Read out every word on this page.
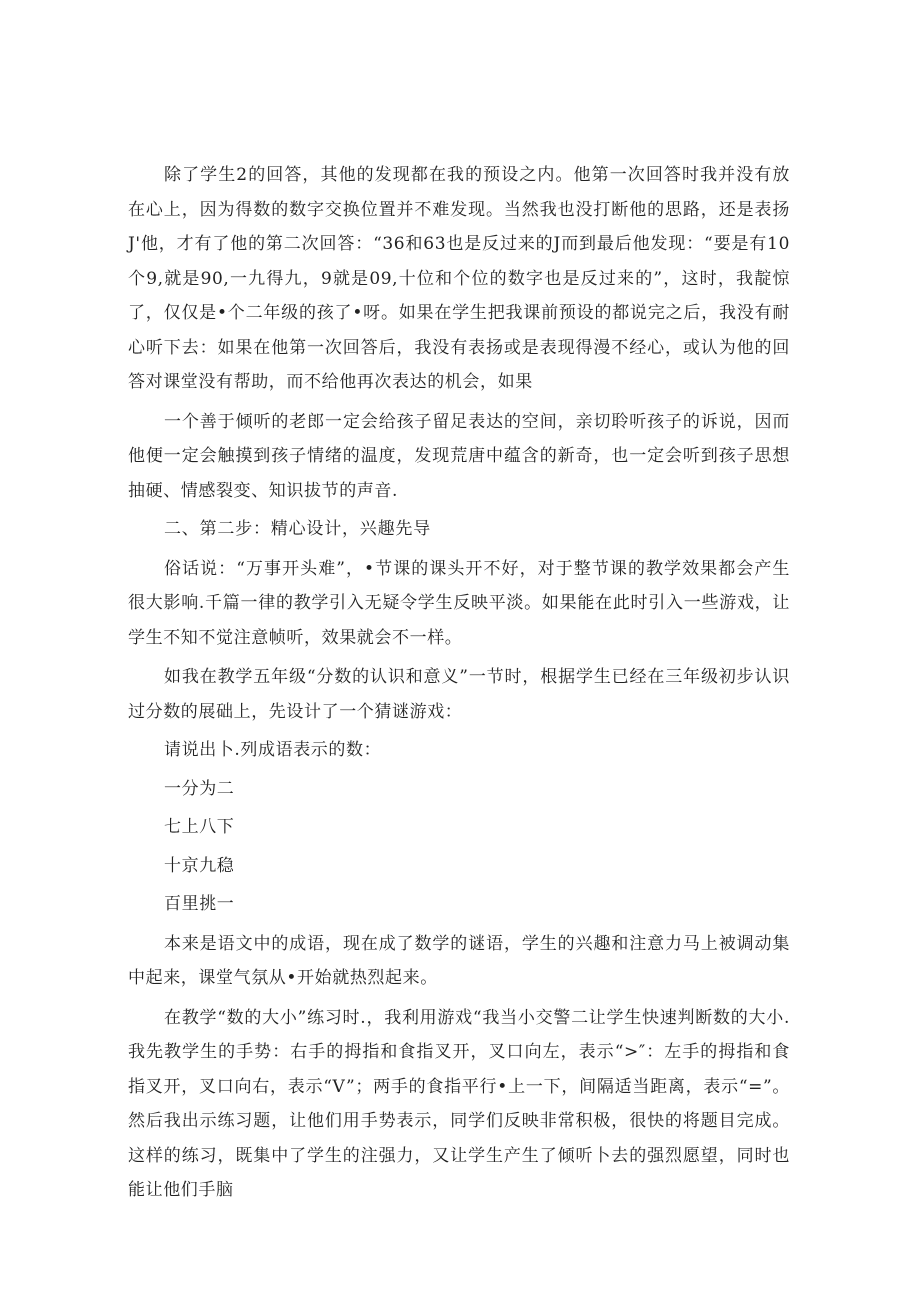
除了学生2的回答，其他的发现都在我的预设之内。他第一次回答时我并没有放在心上，因为得数的数字交换位置并不难发现。当然我也没打断他的思路，还是表扬J'他，才有了他的第二次回答：“36和63也是反过来的J而到最后他发现：“要是有10个9,就是90,一九得九，9就是09,十位和个位的数字也是反过来的”，这时，我靛惊了，仅仅是•个二年级的孩了•呀。如果在学生把我课前预设的都说完之后，我没有耐心听下去：如果在他第一次回答后，我没有表扬或是表现得漫不经心，或认为他的回答对课堂没有帮助，而不给他再次表达的机会，如果

一个善于倾听的老郎一定会给孩子留足表达的空间，亲切聆听孩子的诉说，因而他便一定会触摸到孩子情绪的温度，发现荒唐中蕴含的新奇，也一定会听到孩子思想抽硬、情感裂变、知识拔节的声音.

二、第二步：精心设计，兴趣先导

俗话说：“万事开头难”，•节课的课头开不好，对于整节课的教学效果都会产生很大影响.千篇一律的教学引入无疑令学生反映平淡。如果能在此时引入一些游戏，让学生不知不觉注意帧听，效果就会不一样。

如我在教学五年级“分数的认识和意义”一节时，根据学生已经在三年级初步认识过分数的展础上，先设计了一个猜谜游戏：

请说出卜.列成语表示的数：

一分为二

七上八下

十京九稳

百里挑一

本来是语文中的成语，现在成了数学的谜语，学生的兴趣和注意力马上被调动集中起来，课堂气氛从•开始就热烈起来。

在教学“数的大小”练习时.，我利用游戏“我当小交警二让学生快速判断数的大小.我先教学生的手势：右手的拇指和食指叉开，叉口向左，表示“>″：左手的拇指和食指叉开，叉口向右，表示“V”；两手的食指平行•上一下，间隔适当距离，表示“=”。然后我出示练习题，让他们用手势表示，同学们反映非常积极，很快的将题目完成。这样的练习，既集中了学生的注强力，又让学生产生了倾听卜去的强烈愿望，同时也能让他们手脑
